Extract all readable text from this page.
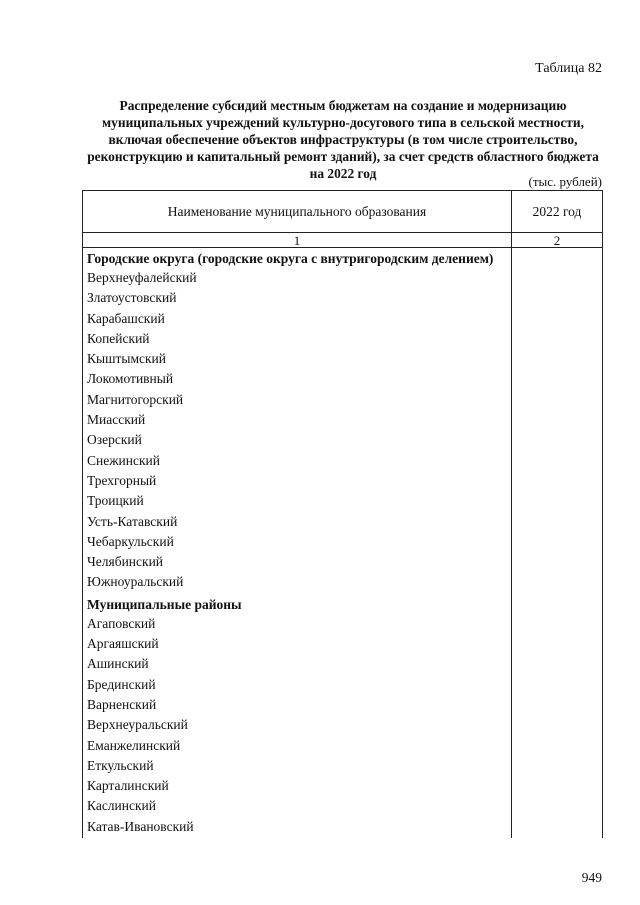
Таблица 82
Распределение субсидий местным бюджетам на создание и модернизацию муниципальных учреждений культурно-досугового типа в сельской местности, включая обеспечение объектов инфраструктуры (в том числе строительство, реконструкцию и капитальный ремонт зданий), за счет средств областного бюджета на 2022 год
(тыс. рублей)
Наименование муниципального образования	2022 год
1	2
Городские округа (городские округа с внутригородским делением)	
Верхнеуфалейский	
Златоустовский	
Карабашский	
Копейский	
Кыштымский	
Локомотивный	
Магнитогорский	
Миасский	
Озерский	
Снежинский	
Трехгорный	
Троицкий	
Усть-Катавский	
Чебаркульский	
Челябинский	
Южноуральский	
Муниципальные районы	
Агаповский	
Аргаяшский	
Ашинский	
Брединский	
Варненский	
Верхнеуральский	
Еманжелинский	
Еткульский	
Карталинский	
Каслинский	
Катав-Ивановский	
949
